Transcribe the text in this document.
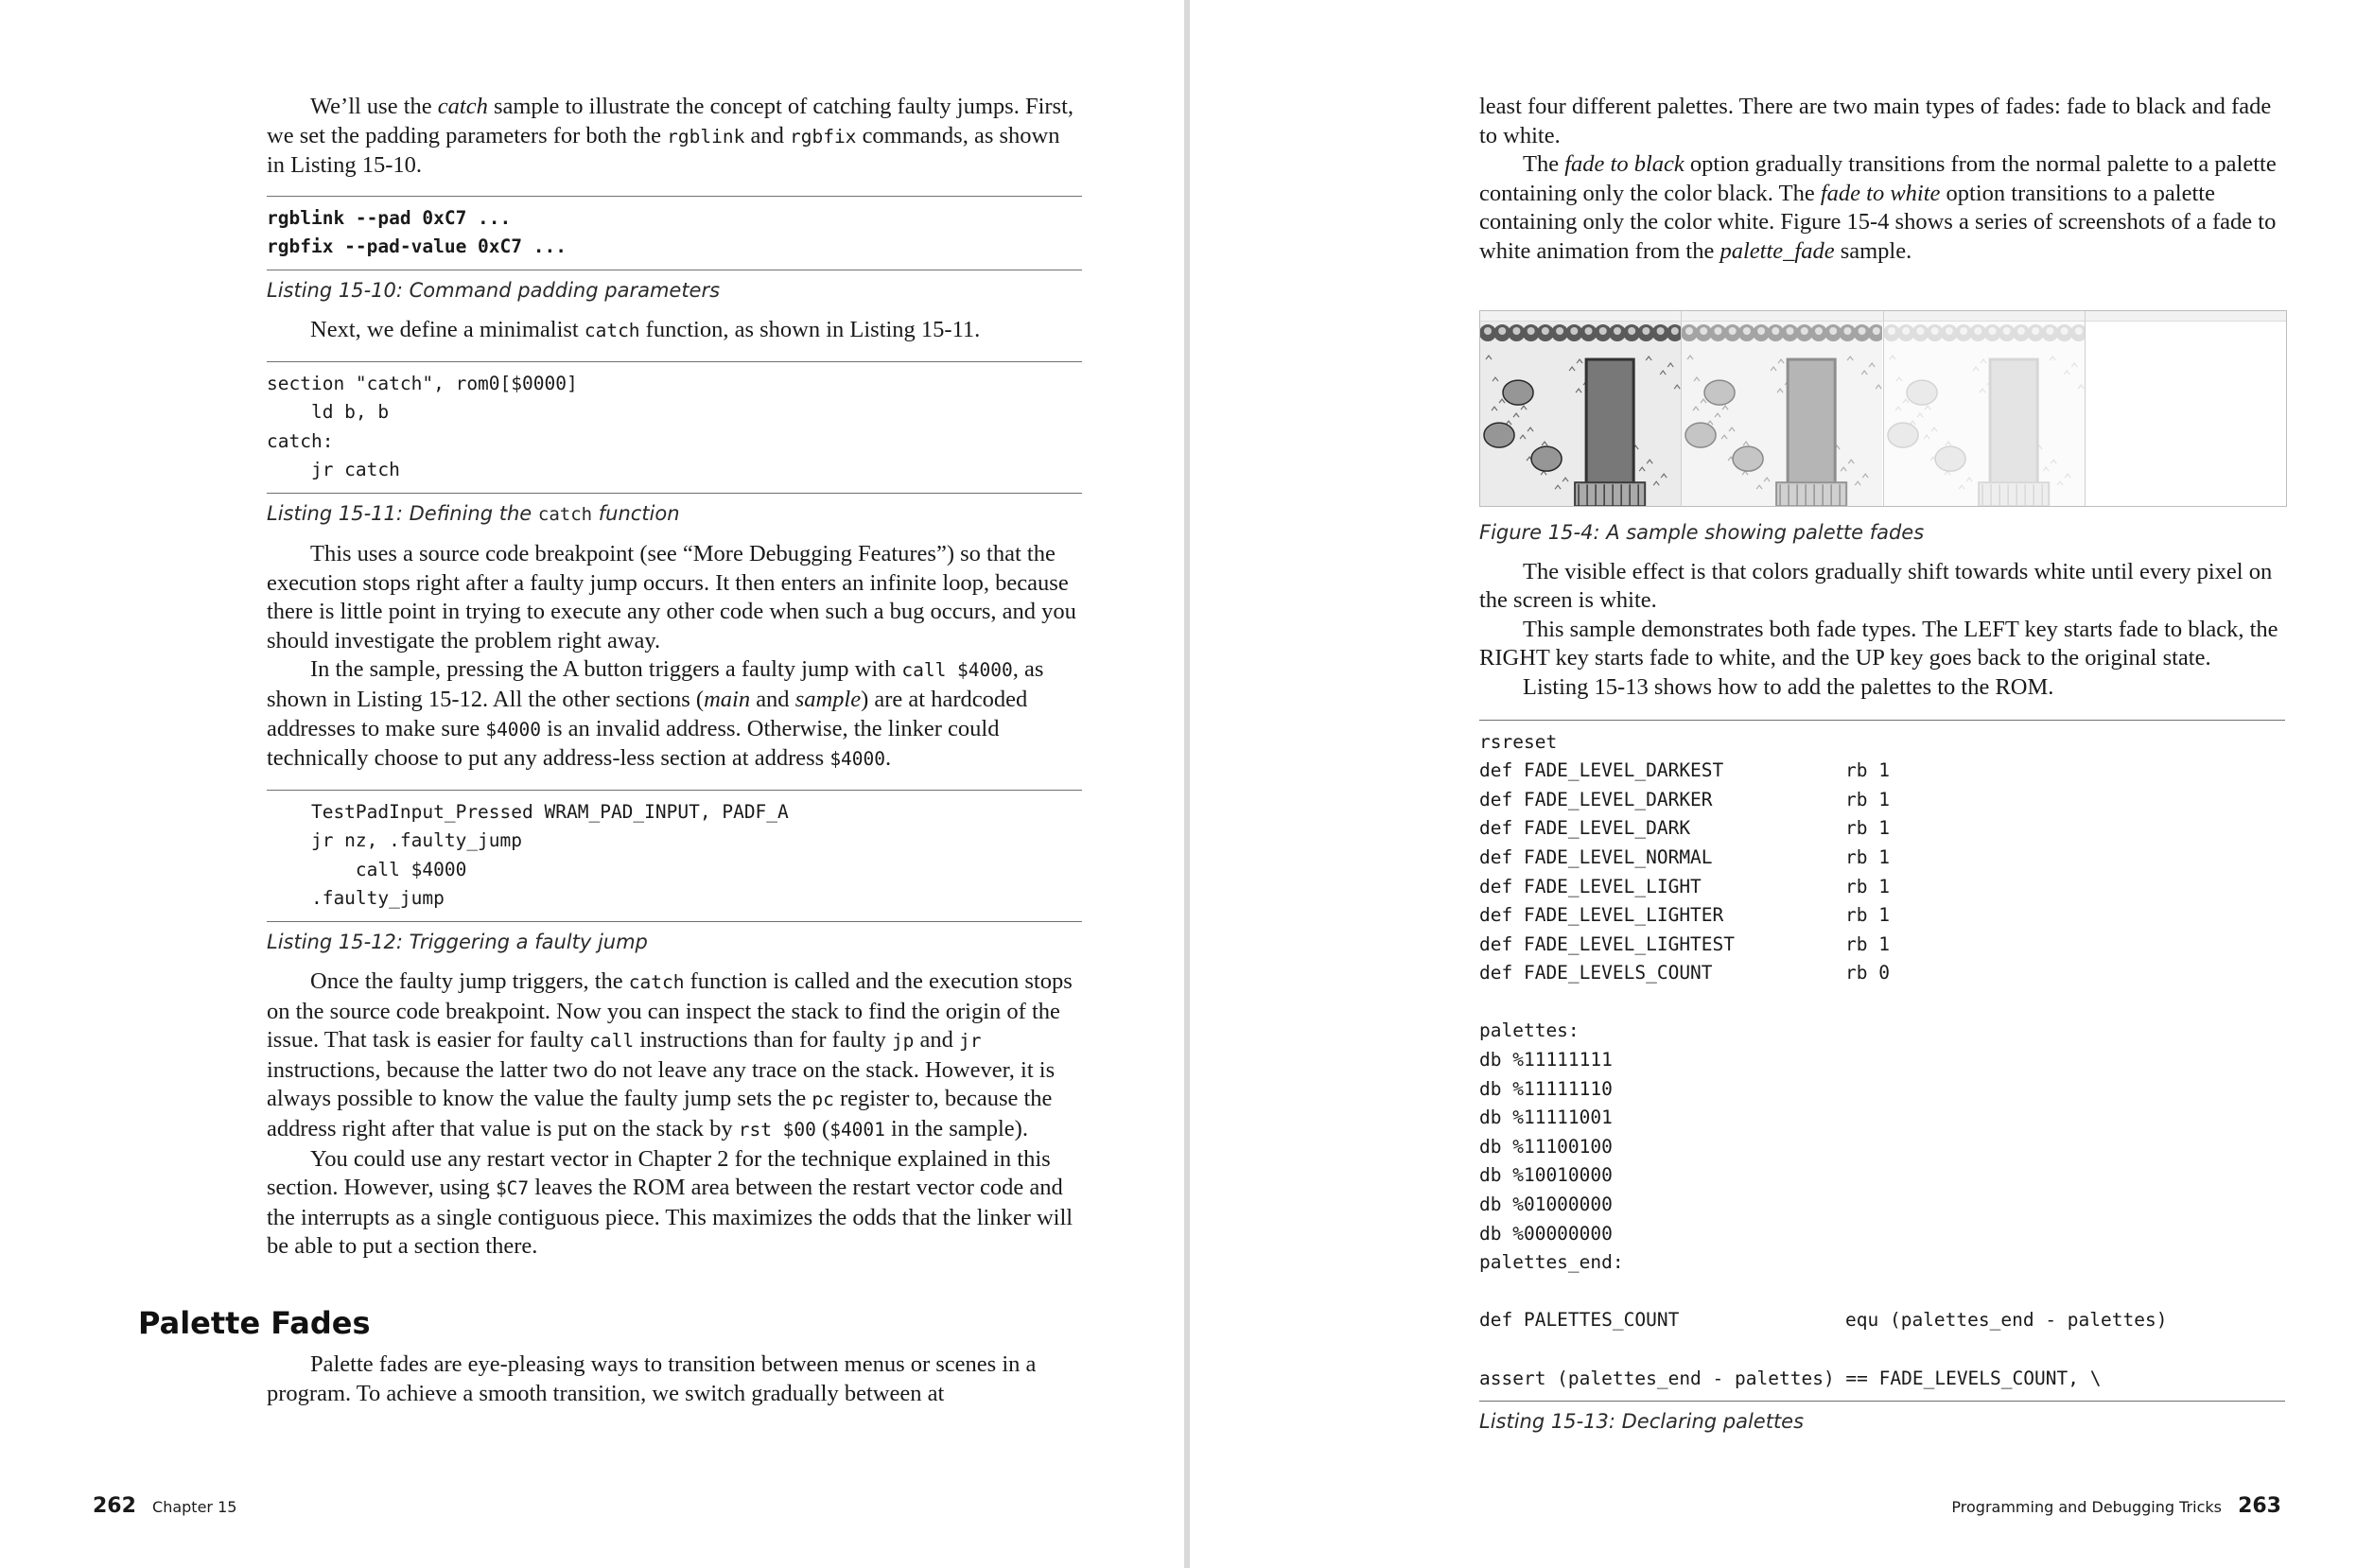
We’ll use the catch sample to illustrate the concept of catching faulty jumps. First, we set the padding parameters for both the rgblink and rgbfix commands, as shown in Listing 15-10.

rgblink --pad 0xC7 ...
rgbfix --pad-value 0xC7 ...
Listing 15-10: Command padding parameters

Next, we define a minimalist catch function, as shown in Listing 15-11.

section "catch", rom0[$0000]
ld b, b
catch:
jr catch
Listing 15-11: Defining the catch function

This uses a source code breakpoint (see “More Debugging Features”) so that the execution stops right after a faulty jump occurs. It then enters an infinite loop, because there is little point in trying to execute any other code when such a bug occurs, and you should investigate the problem right away.

In the sample, pressing the A button triggers a faulty jump with call $4000, as shown in Listing 15-12. All the other sections (main and sample) are at hardcoded addresses to make sure $4000 is an invalid address. Otherwise, the linker could technically choose to put any address-less section at address $4000.

TestPadInput_Pressed WRAM_PAD_INPUT, PADF_A
jr nz, .faulty_jump
call $4000
.faulty_jump
Listing 15-12: Triggering a faulty jump

Once the faulty jump triggers, the catch function is called and the execution stops on the source code breakpoint. Now you can inspect the stack to find the origin of the issue. That task is easier for faulty call instructions than for faulty jp and jr instructions, because the latter two do not leave any trace on the stack. However, it is always possible to know the value the faulty jump sets the pc register to, because the address right after that value is put on the stack by rst $00 ($4001 in the sample).

You could use any restart vector in Chapter 2 for the technique explained in this section. However, using $C7 leaves the ROM area between the restart vector code and the interrupts as a single contiguous piece. This maximizes the odds that the linker will be able to put a section there.

Palette Fades

Palette fades are eye-pleasing ways to transition between menus or scenes in a program. To achieve a smooth transition, we switch gradually between at

262 Chapter 15

least four different palettes. There are two main types of fades: fade to black and fade to white.

The fade to black option gradually transitions from the normal palette to a palette containing only the color black. The fade to white option transitions to a palette containing only the color white. Figure 15-4 shows a series of screenshots of a fade to white animation from the palette_fade sample.

Figure 15-4: A sample showing palette fades

The visible effect is that colors gradually shift towards white until every pixel on the screen is white.

This sample demonstrates both fade types. The LEFT key starts fade to black, the RIGHT key starts fade to white, and the UP key goes back to the original state.

Listing 15-13 shows how to add the palettes to the ROM.

rsreset
def FADE_LEVEL_DARKEST	rb 1
def FADE_LEVEL_DARKER	rb 1
def FADE_LEVEL_DARK	rb 1
def FADE_LEVEL_NORMAL	rb 1
def FADE_LEVEL_LIGHT	rb 1
def FADE_LEVEL_LIGHTER	rb 1
def FADE_LEVEL_LIGHTEST	rb 1
def FADE_LEVELS_COUNT	rb 0

palettes:
db %11111111
db %11111110
db %11111001
db %11100100
db %10010000
db %01000000
db %00000000
palettes_end:

def PALETTES_COUNT	equ (palettes_end - palettes)

assert (palettes_end - palettes) == FADE_LEVELS_COUNT, \
Listing 15-13: Declaring palettes
Programming and Debugging Tricks 263
